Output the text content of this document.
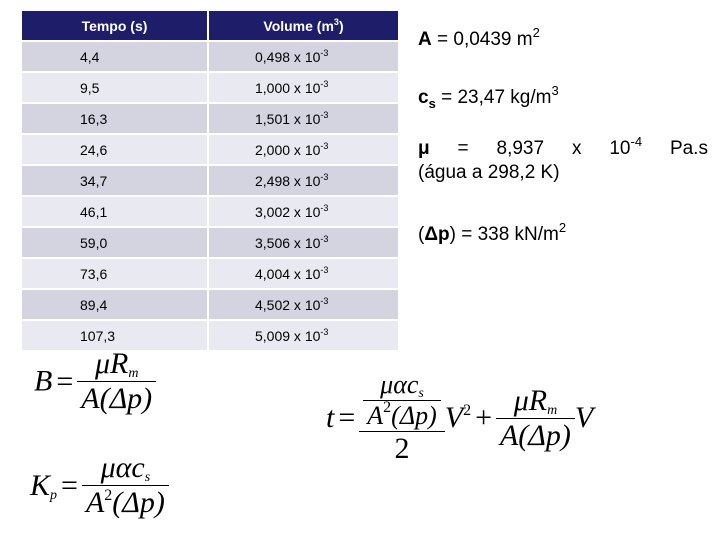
Tempo (s)	Volume $(m^3)$
4,4	0,498 x $10^{-3}$
9,5	1,000 x $10^{-3}$
16,3	1,501 x $10^{-3}$
24,6	2,000 x $10^{-3}$
34,7	2,498 x $10^{-3}$
46,1	3,002 x $10^{-3}$
59,0	3,506 x $10^{-3}$
73,6	4,004 x $10^{-3}$
89,4	4,502 x $10^{-3}$
107,3	5,009 x $10^{-3}$
A = 0,0439 $m^2$
$c_s = 23,47$ $kg/m^3$
μ = 8,937 x $10^{-4}$ Pa.s
(água a 298,2 K)
(Δp) = 338 $kN/m^2$
$B = \frac{\mu R_m}{A(\Delta p)}$
$K_p = \frac{\mu\alpha c_s}{A^2(\Delta p)}$
$t = \frac{\frac{\mu\alpha c_s}{A^2(\Delta p)}}{2} V^2 + \frac{\mu R_m}{A(\Delta p)}$ V
